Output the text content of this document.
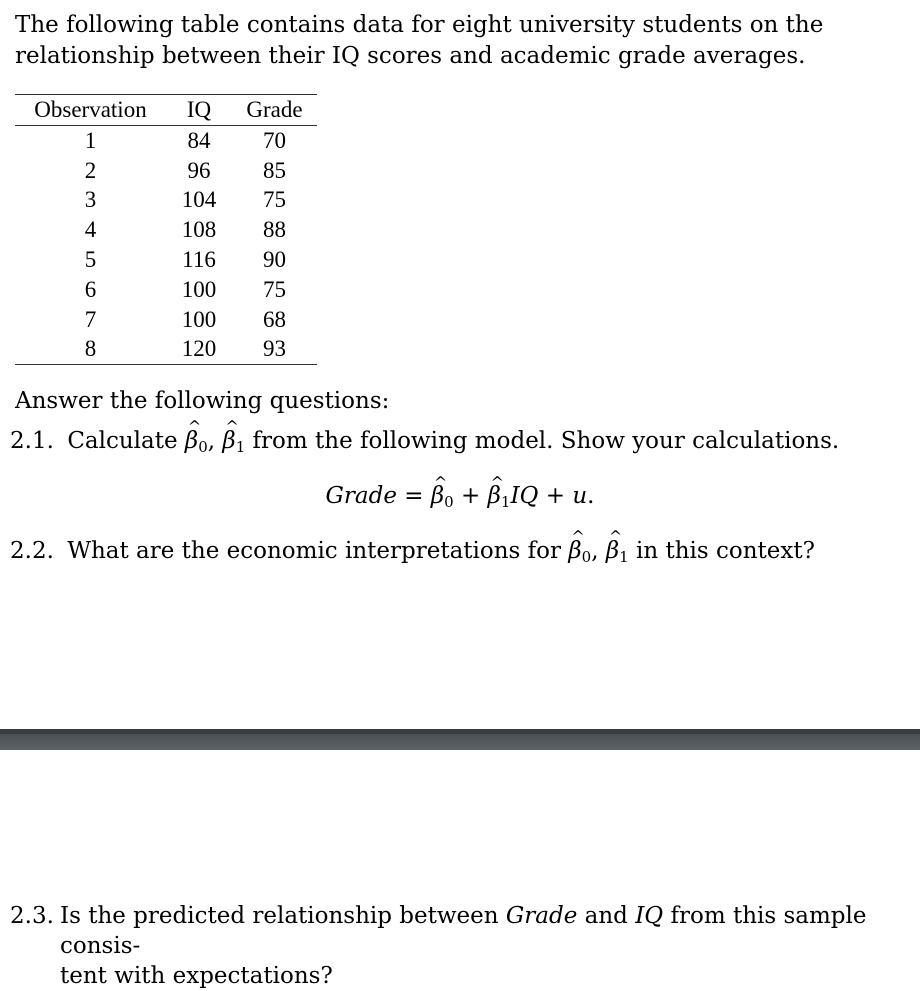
The following table contains data for eight university students on the relationship between their IQ scores and academic grade averages.

Observation	IQ	Grade
1	84	70
2	96	85
3	104	75
4	108	88
5	116	90
6	100	75
7	100	68
8	120	93
Answer the following questions:
2.1. Calculate ^ $\beta_0$, ^ $\beta_1$ from the following model. Show your calculations.
Grade = ^ $\beta_0$ + ^ $\beta_1IQ + u$.
2.2. What are the economic interpretations for ^ $\beta_0$, ^ $\beta_1$ in this context?
2.3. Is the predicted relationship between Grade and IQ from this sample consis-
tent with expectations?
